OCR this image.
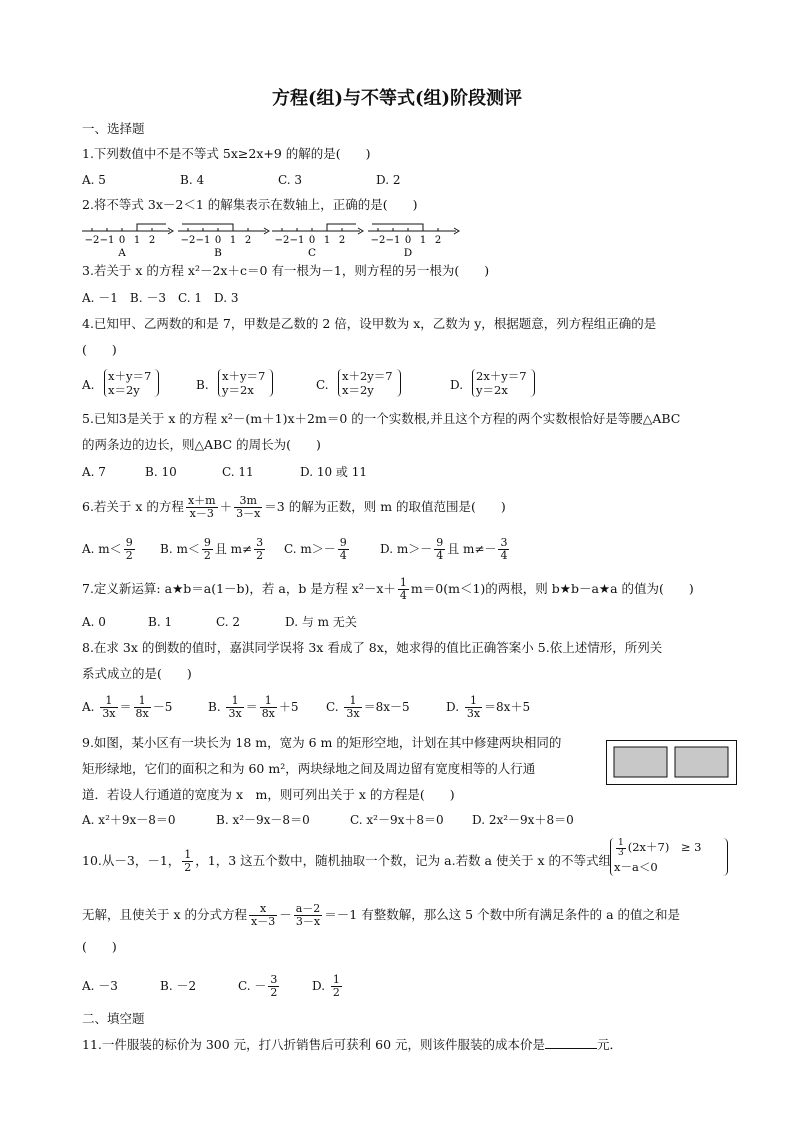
方程(组)与不等式(组)阶段测评
一、选择题
1.下列数值中不是不等式 5x≥2x+9 的解的是(　　)
A. 5	B. 4	C. 3	D. 2
2.将不等式 3x－2＜1 的解集表示在数轴上，正确的是(　　)
−2 −1 0 1 2
A
−2 −1 0 1 2
B
−2 −1 0 1 2
C
−2 −1 0 1 2
D
3.若关于 x 的方程 x²－2x＋c＝0 有一根为－1，则方程的另一根为(　　)
A. －1　B. －3　C. 1　D. 3
4.已知甲、乙两数的和是 7，甲数是乙数的 2 倍，设甲数为 x，乙数为 y，根据题意，列方程组正确的是
(　　)
A.
x＋y＝7
x＝2y	B.
x＋y＝7
y＝2x	C.
x＋2y＝7
x＝2y	D.
2x＋y＝7
y＝2x
5.已知3是关于 x 的方程 x²－(m＋1)x＋2m＝0 的一个实数根,并且这个方程的两个实数根恰好是等腰△ABC
的两条边的边长，则△ABC 的周长为(　　)
A. 7	B. 10	C. 11	D. 10 或 11
6.若关于 x 的方程 $\frac{x+m}{x-3} + \frac{3m}{3-x} =3$ 的解为正数，则 m 的取值范围是(　　)
A. $m< \frac{9}{2} B$. $m< \frac{9}{2}$ 且 $m\ne \frac{3}{2} C$. $m>- \frac{9}{4}$	D. $m>- \frac{9}{4}$ 且 $m\ne- \frac{3}{4}$
7.定义新运算: a★b＝a(1－b)，若 a，b 是方程 $x^2-x+ \frac{1}{4} m=0(m<1)$的两根，则 b★b－a★a 的值为(　　)
A. 0	B. 1	C. 2	D. 与 m 无关
8.在求 3x 的倒数的值时，嘉淇同学误将 3x 看成了 8x，她求得的值比正确答案小 5.依上述情形，所列关
系式成立的是(　　)
A. $\frac{1}{3x} = \frac{1}{8x} -5$	B. $\frac{1}{3x} = \frac{1}{8x} +5$ C. $\frac{1}{3x} =8x-5$	D. $\frac{1}{3x} =8x+5$
9.如图，某小区有一块长为 18 m，宽为 6 m 的矩形空地，计划在其中修建两块相同的
矩形绿地，它们的面积之和为 60 m²，两块绿地之间及周边留有宽度相等的人行通
道．若设人行通道的宽度为 x　m，则可列出关于 x 的方程是(　　)
A. x²＋9x－8＝0	B. x²－9x－8＝0	C. x²－9x＋8＝0 D. 2x²－9x＋8＝0
10.从－3，－1， $\frac{1}{2}$ ，1，3 这五个数中，随机抽取一个数，记为 a.若数 a 使关于 x 的不等式组
$\frac{1}{3} (2x+7)$　≥ 3
x－a＜0
无解，且使关于 x 的分式方程 $\frac{x}{x-3} - \frac{a-2}{3-x} =-1$ 有整数解，那么这 5 个数中所有满足条件的 a 的值之和是
(　　)
A. －3	B. －2	C. － $\frac{3}{2}$	D. $\frac{1}{2}$
二、填空题
11.一件服装的标价为 300 元，打八折销售后可获利 60 元，则该件服装的成本价是	元．
